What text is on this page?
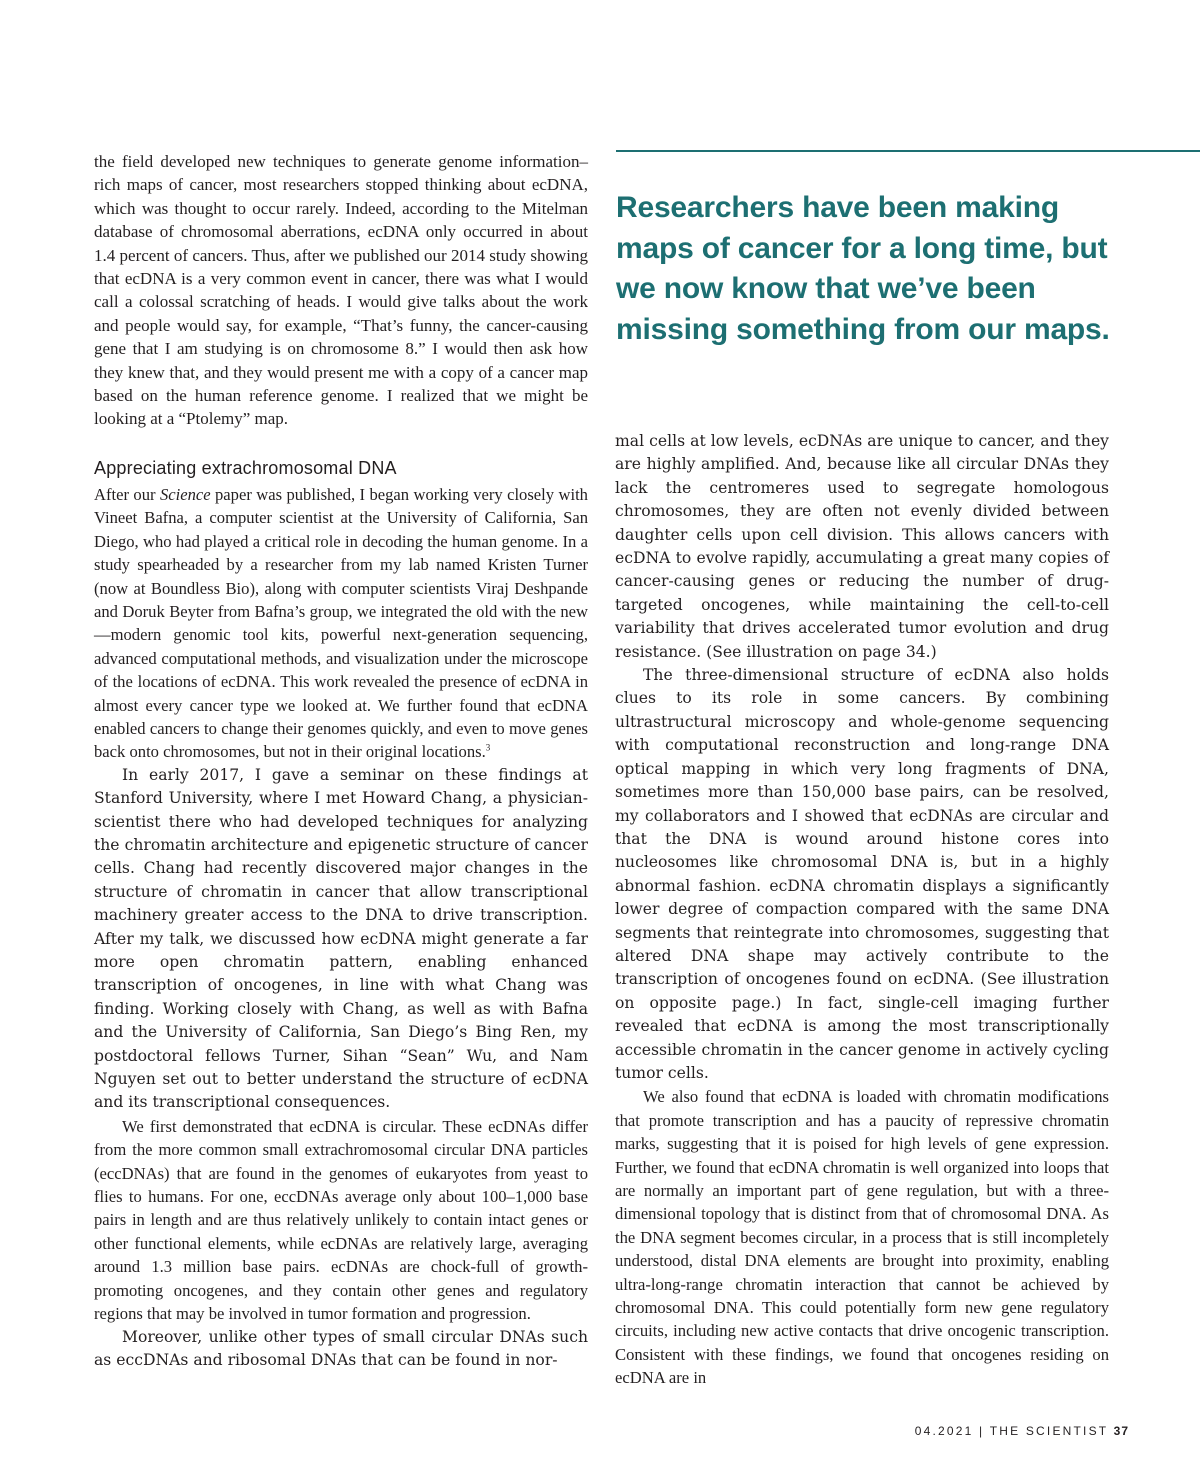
the field developed new techniques to generate genome information–rich maps of cancer, most researchers stopped thinking about ecDNA, which was thought to occur rarely. Indeed, according to the Mitelman database of chromosomal aberrations, ecDNA only occurred in about 1.4 percent of cancers. Thus, after we published our 2014 study showing that ecDNA is a very common event in cancer, there was what I would call a colossal scratching of heads. I would give talks about the work and people would say, for example, “That’s funny, the cancer-causing gene that I am studying is on chromosome 8.” I would then ask how they knew that, and they would present me with a copy of a cancer map based on the human reference genome. I realized that we might be looking at a “Ptolemy” map.

Appreciating extrachromosomal DNA

After our Science paper was published, I began working very closely with Vineet Bafna, a computer scientist at the University of California, San Diego, who had played a critical role in decoding the human genome. In a study spearheaded by a researcher from my lab named Kristen Turner (now at Boundless Bio), along with computer scientists Viraj Deshpande and Doruk Beyter from Bafna’s group, we integrated the old with the new—modern genomic tool kits, powerful next-generation sequencing, advanced computational methods, and visualization under the microscope of the locations of ecDNA. This work revealed the presence of ecDNA in almost every cancer type we looked at. We further found that ecDNA enabled cancers to change their genomes quickly, and even to move genes back onto chromosomes, but not in their original locations.$^3$

In early 2017, I gave a seminar on these findings at Stanford University, where I met Howard Chang, a physician-scientist there who had developed techniques for analyzing the chromatin architecture and epigenetic structure of cancer cells. Chang had recently discovered major changes in the structure of chromatin in cancer that allow transcriptional machinery greater access to the DNA to drive transcription. After my talk, we discussed how ecDNA might generate a far more open chromatin pattern, enabling enhanced transcription of oncogenes, in line with what Chang was finding. Working closely with Chang, as well as with Bafna and the University of California, San Diego’s Bing Ren, my postdoctoral fellows Turner, Sihan “Sean” Wu, and Nam Nguyen set out to better understand the structure of ecDNA and its transcriptional consequences.

We first demonstrated that ecDNA is circular. These ecDNAs differ from the more common small extrachromosomal circular DNA particles (eccDNAs) that are found in the genomes of eukaryotes from yeast to flies to humans. For one, eccDNAs average only about 100–1,000 base pairs in length and are thus relatively unlikely to contain intact genes or other functional elements, while ecDNAs are relatively large, averaging around 1.3 million base pairs. ecDNAs are chock-full of growth-promoting oncogenes, and they contain other genes and regulatory regions that may be involved in tumor formation and progression.

Moreover, unlike other types of small circular DNAs such as eccDNAs and ribosomal DNAs that can be found in nor-

Researchers have been making maps of cancer for a long time, but we now know that we’ve been missing something from our maps.

mal cells at low levels, ecDNAs are unique to cancer, and they are highly amplified. And, because like all circular DNAs they lack the centromeres used to segregate homologous chromosomes, they are often not evenly divided between daughter cells upon cell division. This allows cancers with ecDNA to evolve rapidly, accumulating a great many copies of cancer-causing genes or reducing the number of drug-targeted oncogenes, while maintaining the cell-to-cell variability that drives accelerated tumor evolution and drug resistance. (See illustration on page 34.)

The three-dimensional structure of ecDNA also holds clues to its role in some cancers. By combining ultrastructural microscopy and whole-genome sequencing with computational reconstruction and long-range DNA optical mapping in which very long fragments of DNA, sometimes more than 150,000 base pairs, can be resolved, my collaborators and I showed that ecDNAs are circular and that the DNA is wound around histone cores into nucleosomes like chromosomal DNA is, but in a highly abnormal fashion. ecDNA chromatin displays a significantly lower degree of compaction compared with the same DNA segments that reintegrate into chromosomes, suggesting that altered DNA shape may actively contribute to the transcription of oncogenes found on ecDNA. (See illustration on opposite page.) In fact, single-cell imaging further revealed that ecDNA is among the most transcriptionally accessible chromatin in the cancer genome in actively cycling tumor cells.

We also found that ecDNA is loaded with chromatin modifications that promote transcription and has a paucity of repressive chromatin marks, suggesting that it is poised for high levels of gene expression. Further, we found that ecDNA chromatin is well organized into loops that are normally an important part of gene regulation, but with a three-dimensional topology that is distinct from that of chromosomal DNA. As the DNA segment becomes circular, in a process that is still incompletely understood, distal DNA elements are brought into proximity, enabling ultra-long-range chromatin interaction that cannot be achieved by chromosomal DNA. This could potentially form new gene regulatory circuits, including new active contacts that drive oncogenic transcription. Consistent with these findings, we found that oncogenes residing on ecDNA are in

04.2021 | THE SCIENTIST 37
